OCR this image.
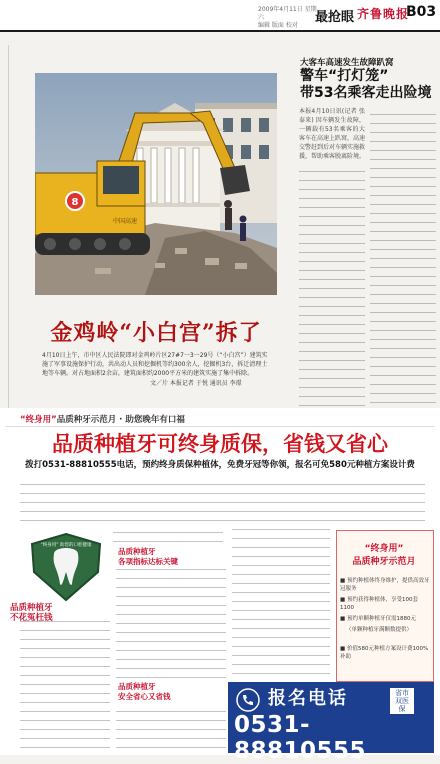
2009年4月11日 星期六
编辑 版面 校对
最抢眼 齐鲁晚报
B03
8
中国高速
金鸡岭“小白宫”拆了
4月10日上午，市中区人民法院即对金鸡岭片区27#7一3一29号（“小白宫”）建筑实施了军事设施保护行动，共出动人员和挖掘机等约300余人，挖掘机3台，拆迁清理土地等车辆。对占地面积2余亩，建筑面积约2000平方米的建筑实施了集中拆除。
文／片 本报记者 于悦 通讯员 李璟
大客车高速发生故障趴窝
警车“打灯笼”
带53名乘客走出险境
本报4月10日讯(记者 张泰来) 因车辆发生故障，一辆载有53名乘客的大客车在高速上趴窝，高速交警赶到后对车辆实施救援，帮助乘客脱离险境。
“终身用”品质种牙示范月 · 助您晚年有口福
品质种植牙可终身质保，省钱又省心
拨打0531-88810555电话，预约终身质保种植体，免费牙冠等你领，报名可免580元种植方案设计费
“终身用” 助您的口腔健康
品质种植牙
不花冤枉钱
品质种植牙
各项指标达标关键
品质种植牙
安全省心又省钱
“终身用”
品质种牙示范月
■ 预约种植体终身维护，提供高效牙冠服务
■ 预约获得种植体，享受100套1100
■ 预约单颗种植牙仅需1880元
（单颗种植牙满颗数提供）
■ 价值580元种植方案设计费100%补助
报名电话	省市双医保
0531-88810555
